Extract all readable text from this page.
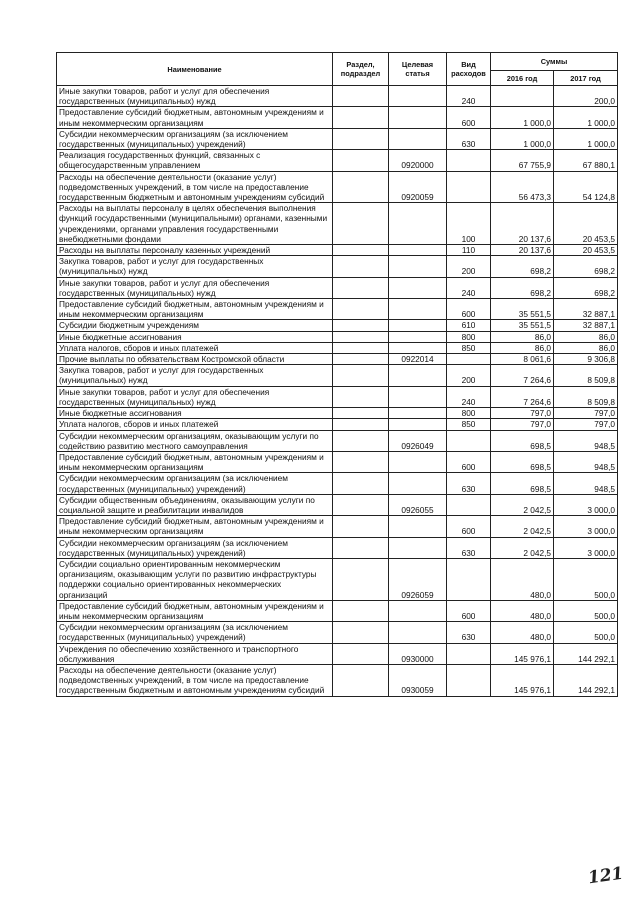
Наименование	Раздел, подраздел	Целевая статья	Вид расходов	Суммы	
				2016 год	2017 год
Иные закупки товаров, работ и услуг для обеспечения государственных (муниципальных) нужд			240		200,0
Предоставление субсидий бюджетным, автономным учреждениям и иным некоммерческим организациям			600	1 000,0	1 000,0
Субсидии некоммерческим организациям (за исключением государственных (муниципальных) учреждений)			630	1 000,0	1 000,0
Реализация государственных функций, связанных с общегосударственным управлением		0920000		67 755,9	67 880,1
Расходы на обеспечение деятельности (оказание услуг) подведомственных учреждений, в том числе на предоставление государственным бюджетным и автономным учреждениям субсидий		0920059		56 473,3	54 124,8
Расходы на выплаты персоналу в целях обеспечения выполнения функций государственными (муниципальными) органами, казенными учреждениями, органами управления государственными внебюджетными фондами			100	20 137,6	20 453,5
Расходы на выплаты персоналу казенных учреждений			110	20 137,6	20 453,5
Закупка товаров, работ и услуг для государственных (муниципальных) нужд			200	698,2	698,2
Иные закупки товаров, работ и услуг для обеспечения государственных (муниципальных) нужд			240	698,2	698,2
Предоставление субсидий бюджетным, автономным учреждениям и иным некоммерческим организациям			600	35 551,5	32 887,1
Субсидии бюджетным учреждениям			610	35 551,5	32 887,1
Иные бюджетные ассигнования			800	86,0	86,0
Уплата налогов, сборов и иных платежей			850	86,0	86,0
Прочие выплаты по обязательствам Костромской области		0922014		8 061,6	9 306,8
Закупка товаров, работ и услуг для государственных (муниципальных) нужд			200	7 264,6	8 509,8
Иные закупки товаров, работ и услуг для обеспечения государственных (муниципальных) нужд			240	7 264,6	8 509,8
Иные бюджетные ассигнования			800	797,0	797,0
Уплата налогов, сборов и иных платежей			850	797,0	797,0
Субсидии некоммерческим организациям, оказывающим услуги по содействию развитию местного самоуправления		0926049		698,5	948,5
Предоставление субсидий бюджетным, автономным учреждениям и иным некоммерческим организациям			600	698,5	948,5
Субсидии некоммерческим организациям (за исключением государственных (муниципальных) учреждений)			630	698,5	948,5
Субсидии общественным объединениям, оказывающим услуги по социальной защите и реабилитации инвалидов		0926055		2 042,5	3 000,0
Предоставление субсидий бюджетным, автономным учреждениям и иным некоммерческим организациям			600	2 042,5	3 000,0
Субсидии некоммерческим организациям (за исключением государственных (муниципальных) учреждений)			630	2 042,5	3 000,0
Субсидии социально ориентированным некоммерческим организациям, оказывающим услуги по развитию инфраструктуры поддержки социально ориентированных некоммерческих организаций		0926059		480,0	500,0
Предоставление субсидий бюджетным, автономным учреждениям и иным некоммерческим организациям			600	480,0	500,0
Субсидии некоммерческим организациям (за исключением государственных (муниципальных) учреждений)			630	480,0	500,0
Учреждения по обеспечению хозяйственного и транспортного обслуживания		0930000		145 976,1	144 292,1
Расходы на обеспечение деятельности (оказание услуг) подведомственных учреждений, в том числе на предоставление государственным бюджетным и автономным учреждениям субсидий		0930059		145 976,1	144 292,1
121
